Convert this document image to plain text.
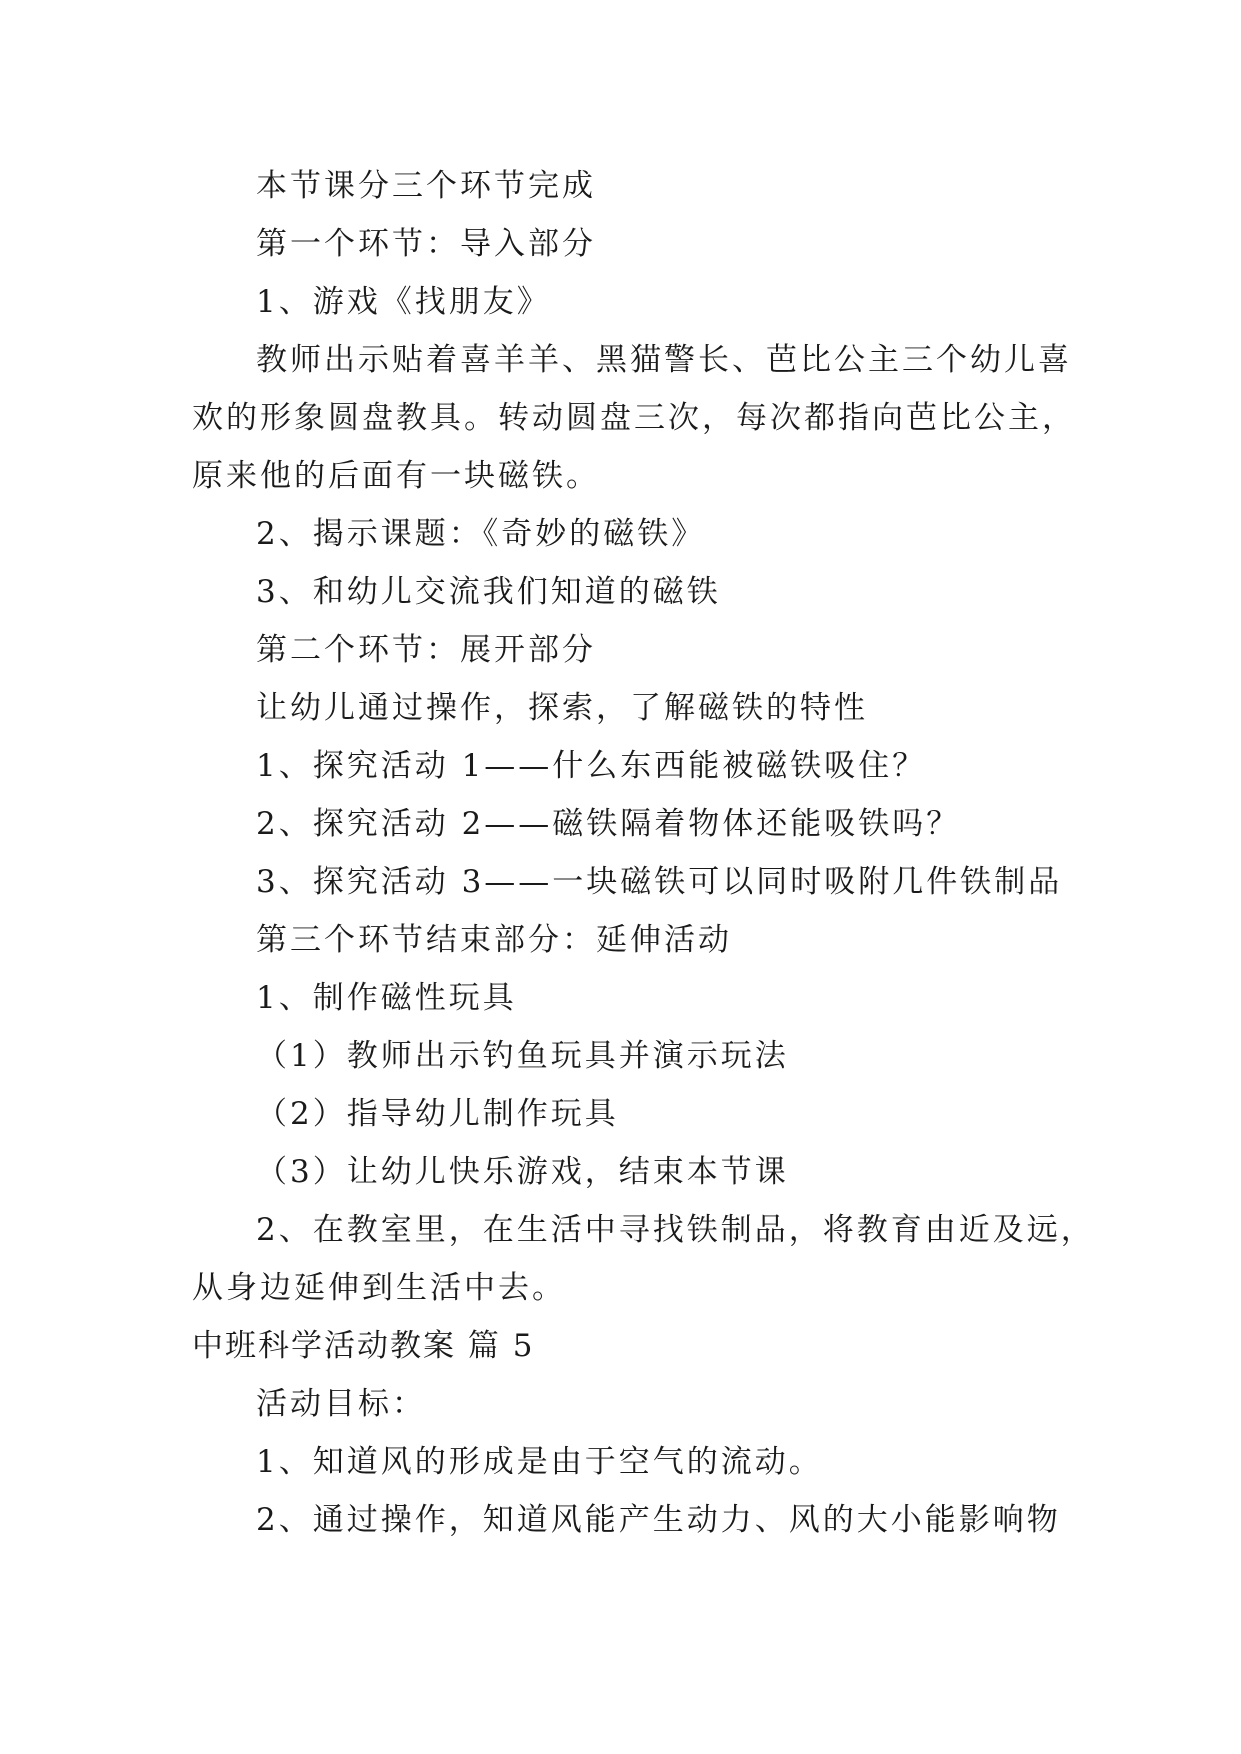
本节课分三个环节完成
第一个环节：导入部分
1、游戏《找朋友》
教师出示贴着喜羊羊、黑猫警长、芭比公主三个幼儿喜
欢的形象圆盘教具。转动圆盘三次，每次都指向芭比公主，
原来他的后面有一块磁铁。
2、揭示课题：《奇妙的磁铁》
3、和幼儿交流我们知道的磁铁
第二个环节：展开部分
让幼儿通过操作，探索，了解磁铁的特性
1、探究活动 1——什么东西能被磁铁吸住？
2、探究活动 2——磁铁隔着物体还能吸铁吗？
3、探究活动 3——一块磁铁可以同时吸附几件铁制品
第三个环节结束部分：延伸活动
1、制作磁性玩具
（1）教师出示钓鱼玩具并演示玩法
（2）指导幼儿制作玩具
（3）让幼儿快乐游戏，结束本节课
2、在教室里，在生活中寻找铁制品，将教育由近及远，
从身边延伸到生活中去。
中班科学活动教案 篇 5
活动目标：
1、知道风的形成是由于空气的流动。
2、通过操作，知道风能产生动力、风的大小能影响物
